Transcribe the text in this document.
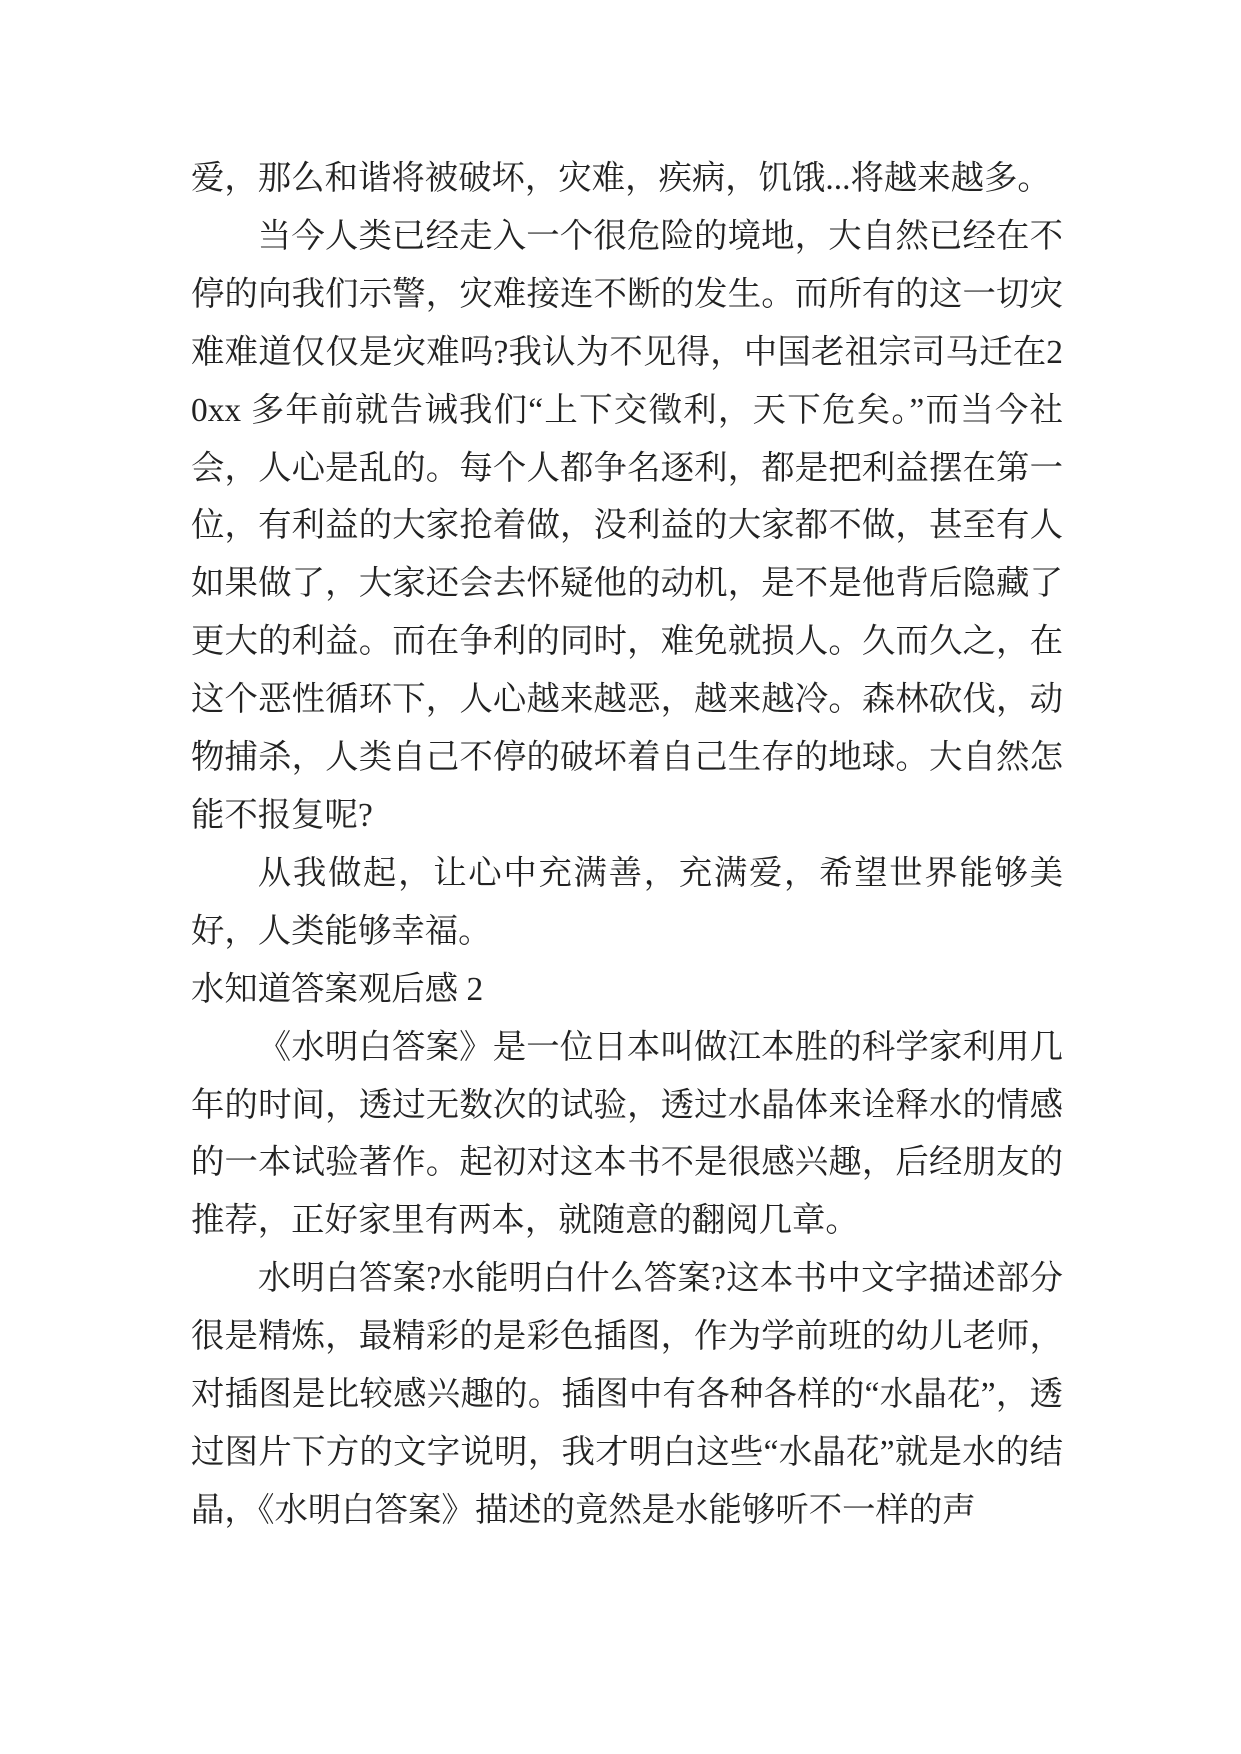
爱，那么和谐将被破坏，灾难，疾病，饥饿...将越来越多。

当今人类已经走入一个很危险的境地，大自然已经在不停的向我们示警，灾难接连不断的发生。而所有的这一切灾难难道仅仅是灾难吗?我认为不见得，中国老祖宗司马迁在20xx 多年前就告诫我们“上下交徵利，天下危矣。”而当今社会，人心是乱的。每个人都争名逐利，都是把利益摆在第一位，有利益的大家抢着做，没利益的大家都不做，甚至有人如果做了，大家还会去怀疑他的动机，是不是他背后隐藏了更大的利益。而在争利的同时，难免就损人。久而久之，在这个恶性循环下，人心越来越恶，越来越冷。森林砍伐，动物捕杀，人类自己不停的破坏着自己生存的地球。大自然怎能不报复呢?

从我做起，让心中充满善，充满爱，希望世界能够美好，人类能够幸福。

水知道答案观后感 2

《水明白答案》是一位日本叫做江本胜的科学家利用几年的时间，透过无数次的试验，透过水晶体来诠释水的情感的一本试验著作。起初对这本书不是很感兴趣，后经朋友的推荐，正好家里有两本，就随意的翻阅几章。

水明白答案?水能明白什么答案?这本书中文字描述部分很是精炼，最精彩的是彩色插图，作为学前班的幼儿老师，对插图是比较感兴趣的。插图中有各种各样的“水晶花”，透过图片下方的文字说明，我才明白这些“水晶花”就是水的结晶，《水明白答案》描述的竟然是水能够听不一样的声
